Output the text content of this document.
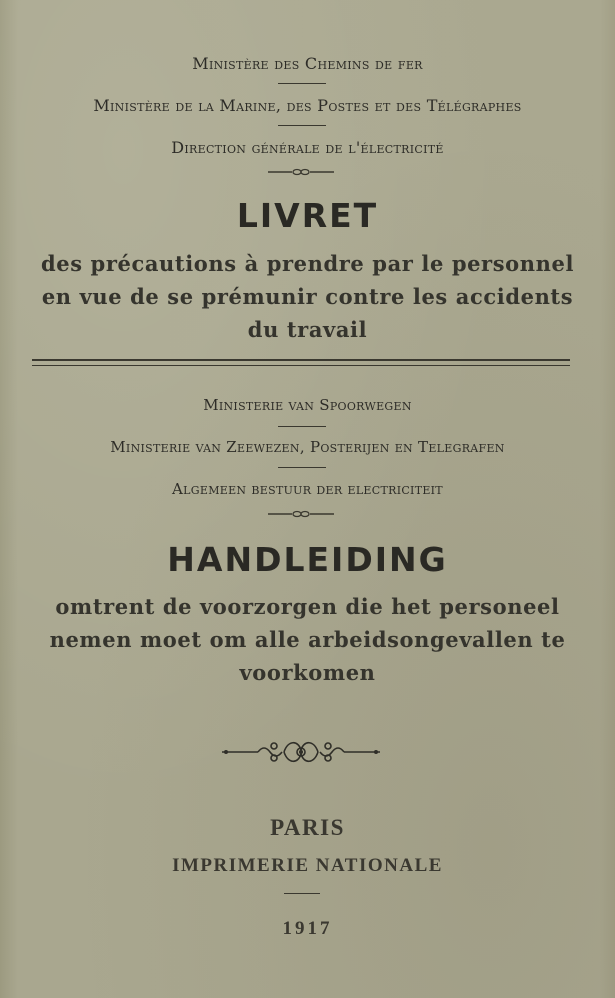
Ministère des Chemins de fer
Ministère de la Marine, des Postes et des Télégraphes
Direction générale de l'électricité
LIVRET
des précautions à prendre par le personnel
en vue de se prémunir contre les accidents
du travail
Ministerie van Spoorwegen
Ministerie van Zeewezen, Posterijen en Telegrafen
Algemeen bestuur der electriciteit
HANDLEIDING
omtrent de voorzorgen die het personeel
nemen moet om alle arbeidsongevallen te
voorkomen
PARIS
IMPRIMERIE NATIONALE
1917
